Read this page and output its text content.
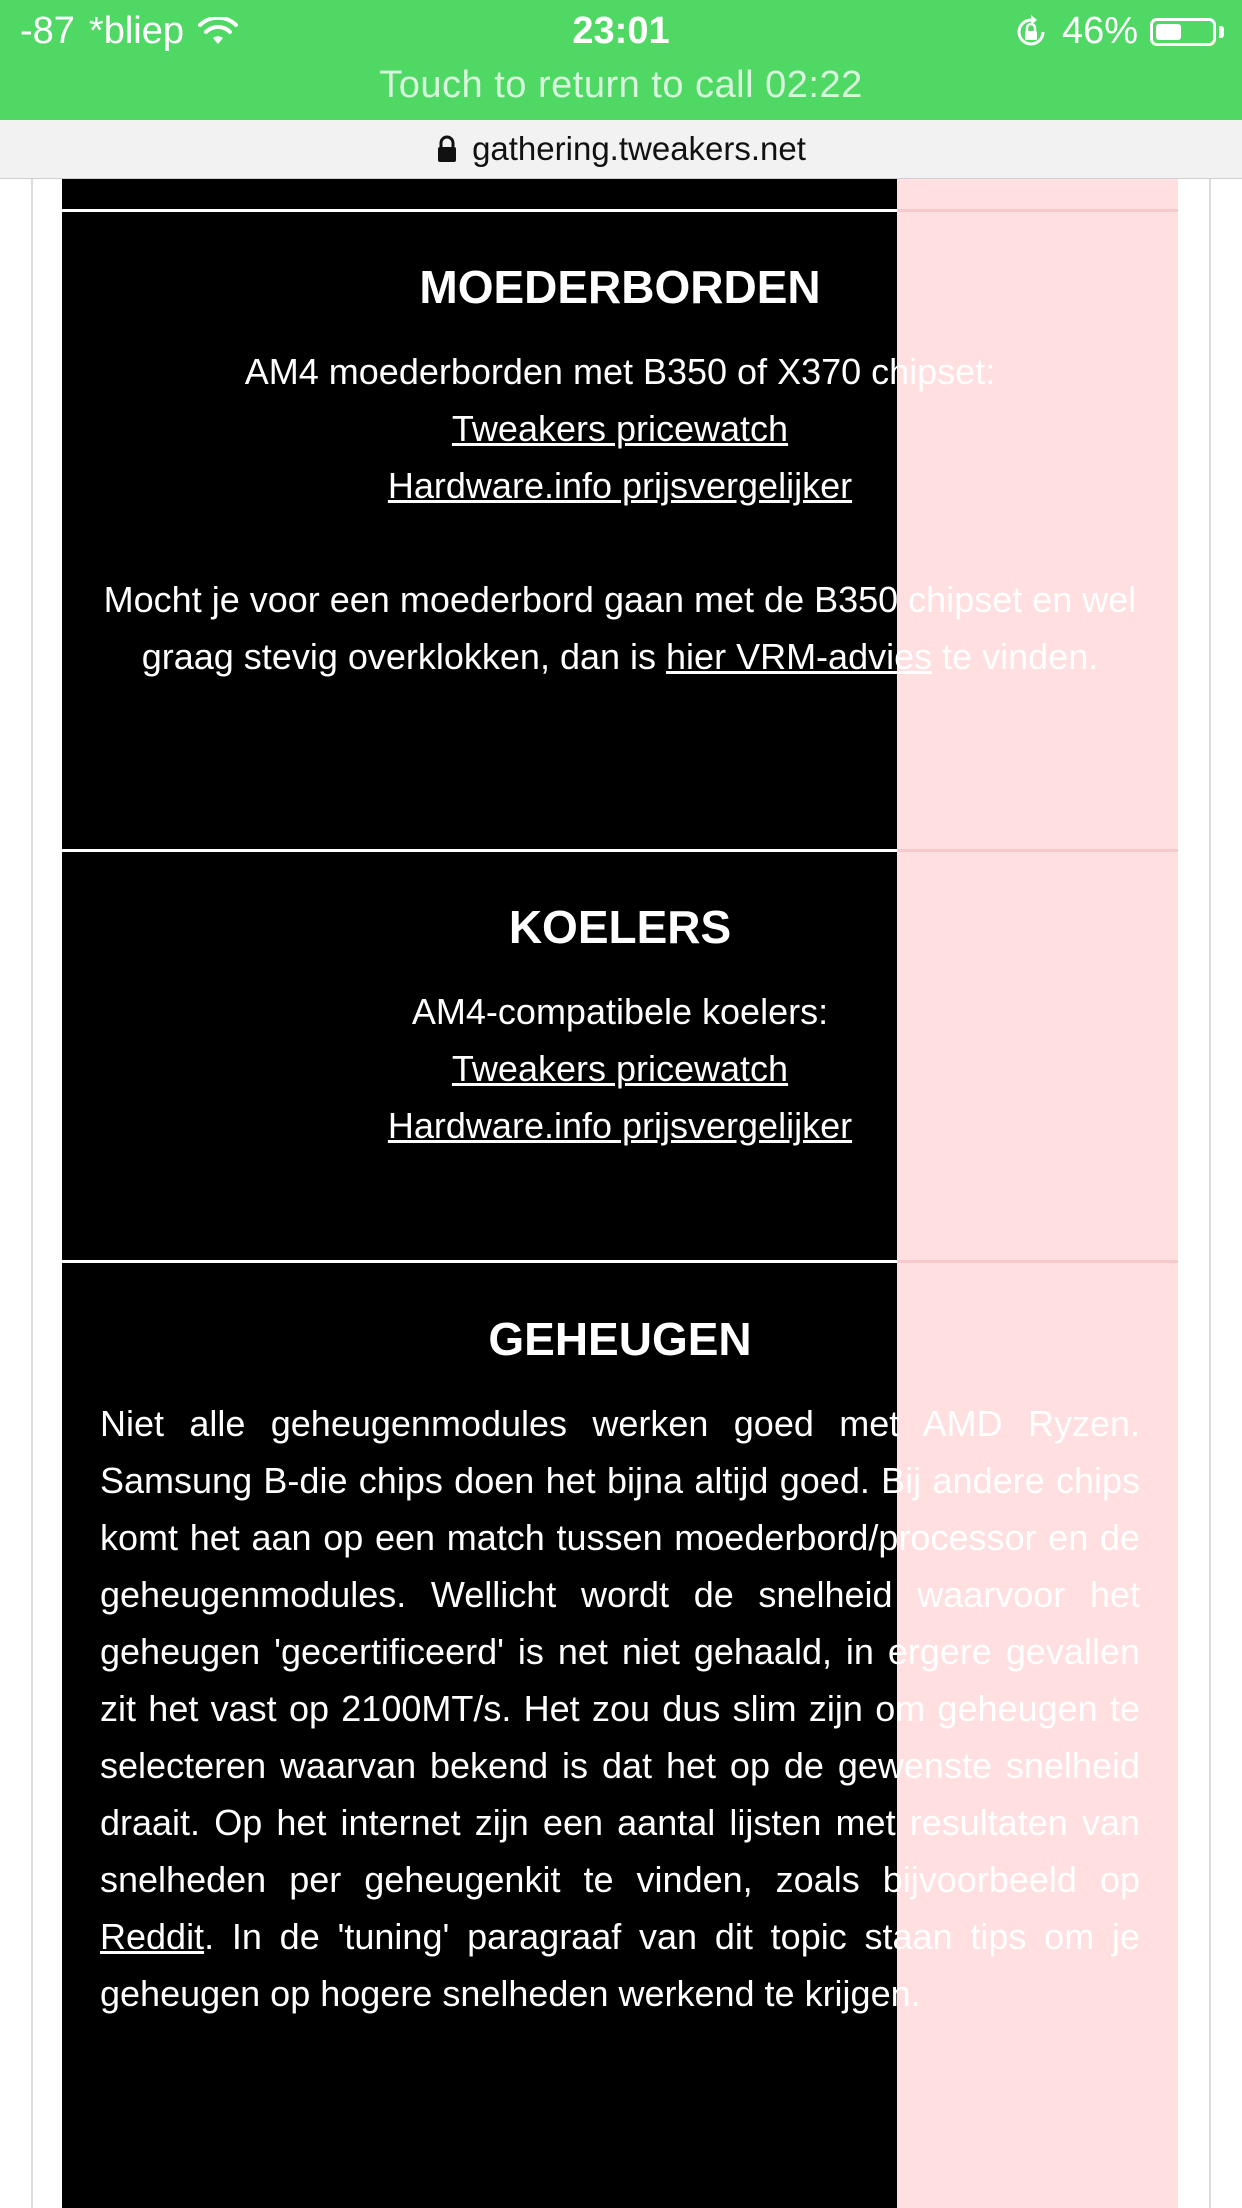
-87 *bliep	23:01	46%
Touch to return to call 02:22
gathering.tweakers.net
MOEDERBORDEN
AM4 moederborden met B350 of X370 chipset:
Tweakers pricewatch
Hardware.info prijsvergelijker
Mocht je voor een moederbord gaan met de B350 chipset en wel graag stevig overklokken, dan is hier VRM-advies te vinden.
KOELERS
AM4-compatibele koelers:
Tweakers pricewatch
Hardware.info prijsvergelijker
GEHEUGEN
Niet alle geheugenmodules werken goed met AMD Ryzen. Samsung B-die chips doen het bijna altijd goed. Bij andere chips komt het aan op een match tussen moederbord/processor en de geheugenmodules. Wellicht wordt de snelheid waarvoor het geheugen 'gecertificeerd' is net niet gehaald, in ergere gevallen zit het vast op 2100MT/s. Het zou dus slim zijn om geheugen te selecteren waarvan bekend is dat het op de gewenste snelheid draait. Op het internet zijn een aantal lijsten met resultaten van snelheden per geheugenkit te vinden, zoals bijvoorbeeld op Reddit. In de 'tuning' paragraaf van dit topic staan tips om je geheugen op hogere snelheden werkend te krijgen.
